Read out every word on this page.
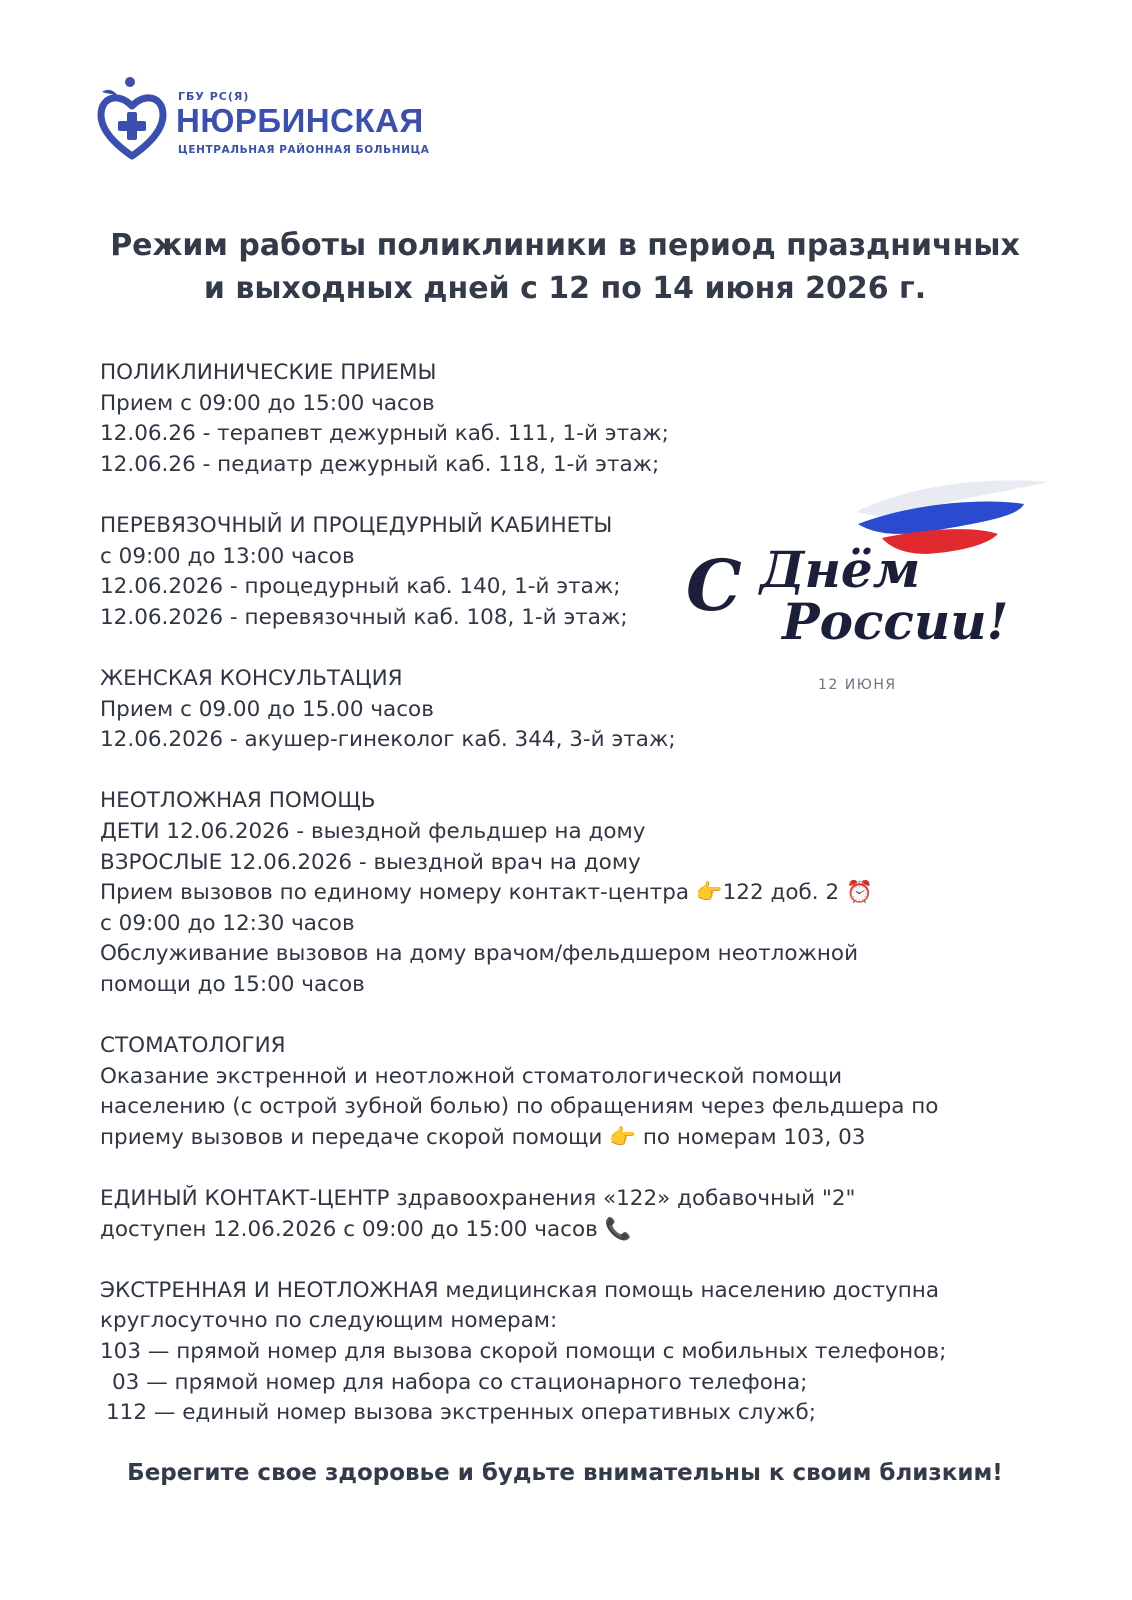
ГБУ РС(Я)
НЮРБИНСКАЯ
ЦЕНТРАЛЬНАЯ РАЙОННАЯ БОЛЬНИЦА
Режим работы поликлиники в период праздничных
и выходных дней с 12 по 14 июня 2026 г.
С Днём
России!
12 ИЮНЯ
ПОЛИКЛИНИЧЕСКИЕ ПРИЕМЫ
Прием с 09:00 до 15:00 часов
12.06.26 - терапевт дежурный каб. 111, 1-й этаж;
12.06.26 - педиатр дежурный каб. 118, 1-й этаж;
ПЕРЕВЯЗОЧНЫЙ И ПРОЦЕДУРНЫЙ КАБИНЕТЫ
с 09:00 до 13:00 часов
12.06.2026 - процедурный каб. 140, 1-й этаж;
12.06.2026 - перевязочный каб. 108, 1-й этаж;
ЖЕНСКАЯ КОНСУЛЬТАЦИЯ
Прием с 09.00 до 15.00 часов
12.06.2026 - акушер-гинеколог каб. 344, 3-й этаж;
НЕОТЛОЖНАЯ ПОМОЩЬ
ДЕТИ 12.06.2026 - выездной фельдшер на дому
ВЗРОСЛЫЕ 12.06.2026 - выездной врач на дому
Прием вызовов по единому номеру контакт-центра 👉122 доб. 2 ⏰
с 09:00 до 12:30 часов
Обслуживание вызовов на дому врачом/фельдшером неотложной
помощи до 15:00 часов
СТОМАТОЛОГИЯ
Оказание экстренной и неотложной стоматологической помощи
населению (с острой зубной болью) по обращениям через фельдшера по
приему вызовов и передаче скорой помощи 👉 по номерам 103, 03
ЕДИНЫЙ КОНТАКТ-ЦЕНТР здравоохранения «122» добавочный "2"
доступен 12.06.2026 с 09:00 до 15:00 часов 📞
ЭКСТРЕННАЯ И НЕОТЛОЖНАЯ медицинская помощь населению доступна
круглосуточно по следующим номерам:
103 — прямой номер для вызова скорой помощи с мобильных телефонов;
03 — прямой номер для набора со стационарного телефона;
112 — единый номер вызова экстренных оперативных служб;
Берегите свое здоровье и будьте внимательны к своим близким!
